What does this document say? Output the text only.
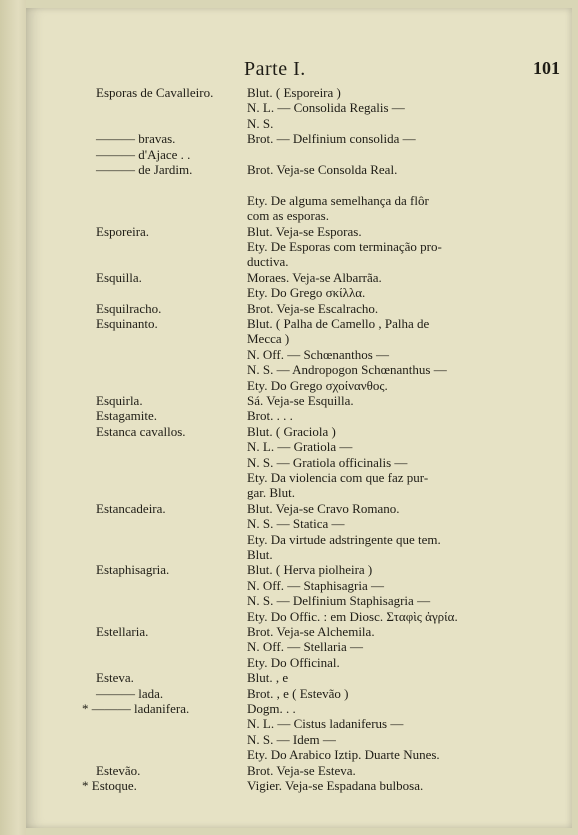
Parte I.	101
Esporas de Cavalleiro.	Blut. ( Esporeira )
N. L. — Consolida Regalis —
N. S.
——— bravas.	Brot. — Delfinium consolida —
——— d'Ajace . .
——— de Jardim.	Brot. Veja-se Consolda Real.
Ety. De alguma semelhança da flôr
com as esporas.
Esporeira.	Blut. Veja-se Esporas.
Ety. De Esporas com terminação pro-
ductiva.
Esquilla.	Moraes. Veja-se Albarrãa.
Ety. Do Grego σκίλλα.
Esquilracho.	Brot. Veja-se Escalracho.
Esquinanto.	Blut. ( Palha de Camello , Palha de
Mecca )
N. Off. — Schœnanthos —
N. S. — Andropogon Schœnanthus —
Ety. Do Grego σχοίνανθος.
Esquirla.	Sá. Veja-se Esquilla.
Estagamite.	Brot. . . .
Estanca cavallos.	Blut. ( Graciola )
N. L. — Gratiola —
N. S. — Gratiola officinalis —
Ety. Da violencia com que faz pur-
gar. Blut.
Estancadeira.	Blut. Veja-se Cravo Romano.
N. S. — Statica —
Ety. Da virtude adstringente que tem.
Blut.
Estaphisagria.	Blut. ( Herva piolheira )
N. Off. — Staphisagria —
N. S. — Delfinium Staphisagria —
Ety. Do Offic. : em Diosc. Σταφὶς ἀγρία.
Estellaria.	Brot. Veja-se Alchemila.
N. Off. — Stellaria —
Ety. Do Officinal.
Esteva.	Blut. , e
——— lada.	Brot. , e ( Estevão )
* ——— ladanifera.	Dogm. . .
N. L. — Cistus ladaniferus —
N. S. — Idem —
Ety. Do Arabico Iztip. Duarte Nunes.
Estevão.	Brot. Veja-se Esteva.
* Estoque.	Vigier. Veja-se Espadana bulbosa.
